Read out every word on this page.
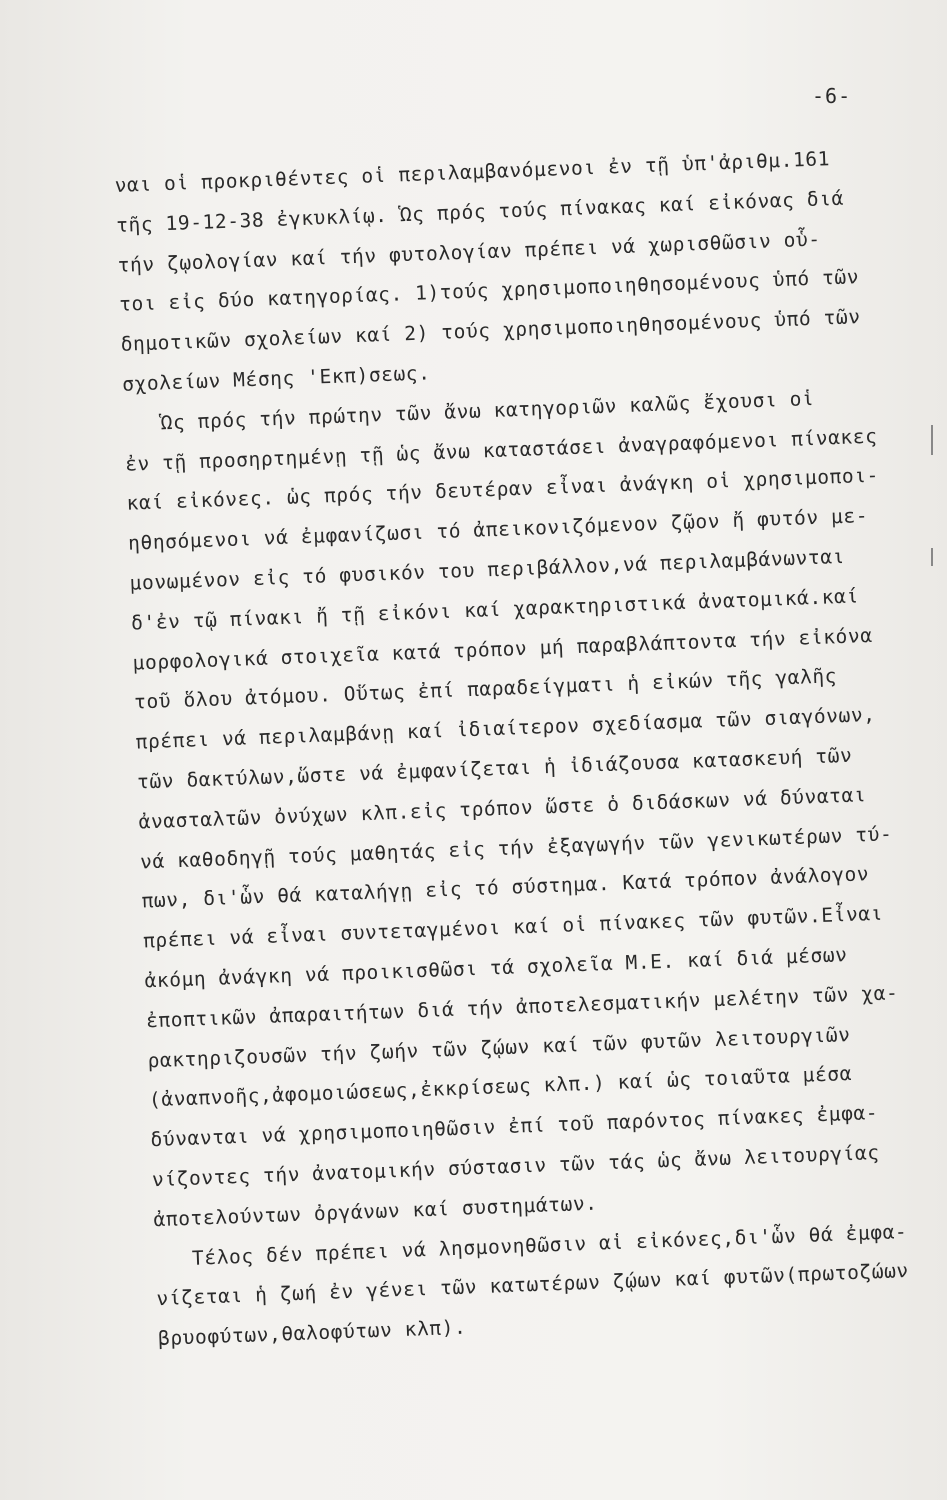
-6-
ναι οἱ προκριθέντες οἱ περιλαμβανόμενοι ἐν τῇ ὑπ'ἀριθμ.161
τῆς 19-12-38 ἐγκυκλίῳ. Ὡς πρός τούς πίνακας καί εἰκόνας διά
τήν ζῳολογίαν καί τήν φυτολογίαν πρέπει νά χωρισθῶσιν οὗ-
τοι εἰς δύο κατηγορίας. 1)τούς χρησιμοποιηθησομένους ὑπό τῶν
δημοτικῶν σχολείων καί 2) τούς χρησιμοποιηθησομένους ὑπό τῶν
σχολείων Μέσης 'Εκπ)σεως.
Ὡς πρός τήν πρώτην τῶν ἄνω κατηγοριῶν καλῶς ἔχουσι οἱ
ἐν τῇ προσηρτημένῃ τῇ ὡς ἄνω καταστάσει ἀναγραφόμενοι πίνακες
καί εἰκόνες. ὡς πρός τήν δευτέραν εἶναι ἀνάγκη οἱ χρησιμοποι-
ηθησόμενοι νά ἐμφανίζωσι τό ἀπεικονιζόμενον ζῷον ἤ φυτόν με-
μονωμένον εἰς τό φυσικόν του περιβάλλον,νά περιλαμβάνωνται
δ'ἐν τῷ πίνακι ἤ τῇ εἰκόνι καί χαρακτηριστικά ἀνατομικά.καί
μορφολογικά στοιχεῖα κατά τρόπον μή παραβλάπτοντα τήν εἰκόνα
τοῦ ὅλου ἀτόμου. Οὕτως ἐπί παραδείγματι ἡ εἰκών τῆς γαλῆς
πρέπει νά περιλαμβάνῃ καί ἰδιαίτερον σχεδίασμα τῶν σιαγόνων,
τῶν δακτύλων,ὥστε νά ἐμφανίζεται ἡ ἰδιάζουσα κατασκευή τῶν
ἀνασταλτῶν ὀνύχων κλπ.εἰς τρόπον ὥστε ὁ διδάσκων νά δύναται
νά καθοδηγῇ τούς μαθητάς εἰς τήν ἐξαγωγήν τῶν γενικωτέρων τύ-
πων, δι'ὧν θά καταλήγῃ εἰς τό σύστημα. Κατά τρόπον ἀνάλογον
πρέπει νά εἶναι συντεταγμένοι καί οἱ πίνακες τῶν φυτῶν.Εἶναι
ἀκόμη ἀνάγκη νά προικισθῶσι τά σχολεῖα Μ.Ε. καί διά μέσων
ἐποπτικῶν ἀπαραιτήτων διά τήν ἀποτελεσματικήν μελέτην τῶν χα-
ρακτηριζουσῶν τήν ζωήν τῶν ζῴων καί τῶν φυτῶν λειτουργιῶν
(ἀναπνοῆς,ἀφομοιώσεως,ἐκκρίσεως κλπ.) καί ὡς τοιαῦτα μέσα
δύνανται νά χρησιμοποιηθῶσιν ἐπί τοῦ παρόντος πίνακες ἐμφα-
νίζοντες τήν ἀνατομικήν σύστασιν τῶν τάς ὡς ἄνω λειτουργίας
ἀποτελούντων ὀργάνων καί συστημάτων.
Τέλος δέν πρέπει νά λησμονηθῶσιν αἱ εἰκόνες,δι'ὧν θά ἐμφα-
νίζεται ἡ ζωή ἐν γένει τῶν κατωτέρων ζῴων καί φυτῶν(πρωτοζώων
βρυοφύτων,θαλοφύτων κλπ).
